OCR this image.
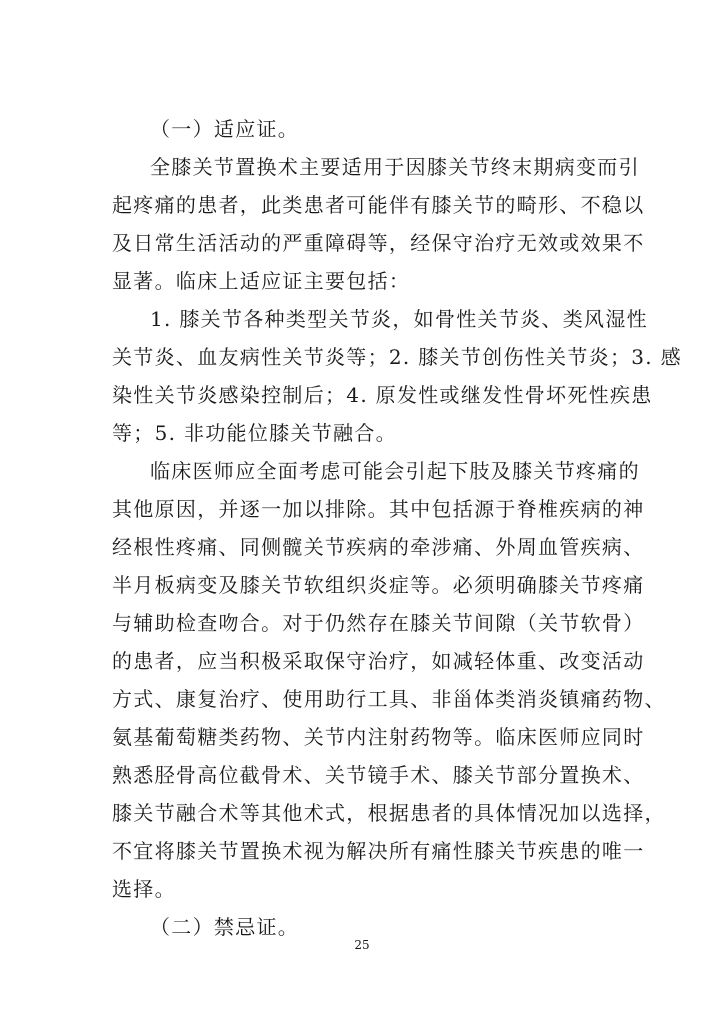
（一）适应证。
全膝关节置换术主要适用于因膝关节终末期病变而引
起疼痛的患者，此类患者可能伴有膝关节的畸形、不稳以
及日常生活活动的严重障碍等，经保守治疗无效或效果不
显著。临床上适应证主要包括：
1. 膝关节各种类型关节炎，如骨性关节炎、类风湿性
关节炎、血友病性关节炎等；2. 膝关节创伤性关节炎；3. 感
染性关节炎感染控制后；4. 原发性或继发性骨坏死性疾患
等；5. 非功能位膝关节融合。
临床医师应全面考虑可能会引起下肢及膝关节疼痛的
其他原因，并逐一加以排除。其中包括源于脊椎疾病的神
经根性疼痛、同侧髋关节疾病的牵涉痛、外周血管疾病、
半月板病变及膝关节软组织炎症等。必须明确膝关节疼痛
与辅助检查吻合。对于仍然存在膝关节间隙（关节软骨）
的患者，应当积极采取保守治疗，如减轻体重、改变活动
方式、康复治疗、使用助行工具、非甾体类消炎镇痛药物、
氨基葡萄糖类药物、关节内注射药物等。临床医师应同时
熟悉胫骨高位截骨术、关节镜手术、膝关节部分置换术、
膝关节融合术等其他术式，根据患者的具体情况加以选择，
不宜将膝关节置换术视为解决所有痛性膝关节疾患的唯一
选择。
（二）禁忌证。
25
